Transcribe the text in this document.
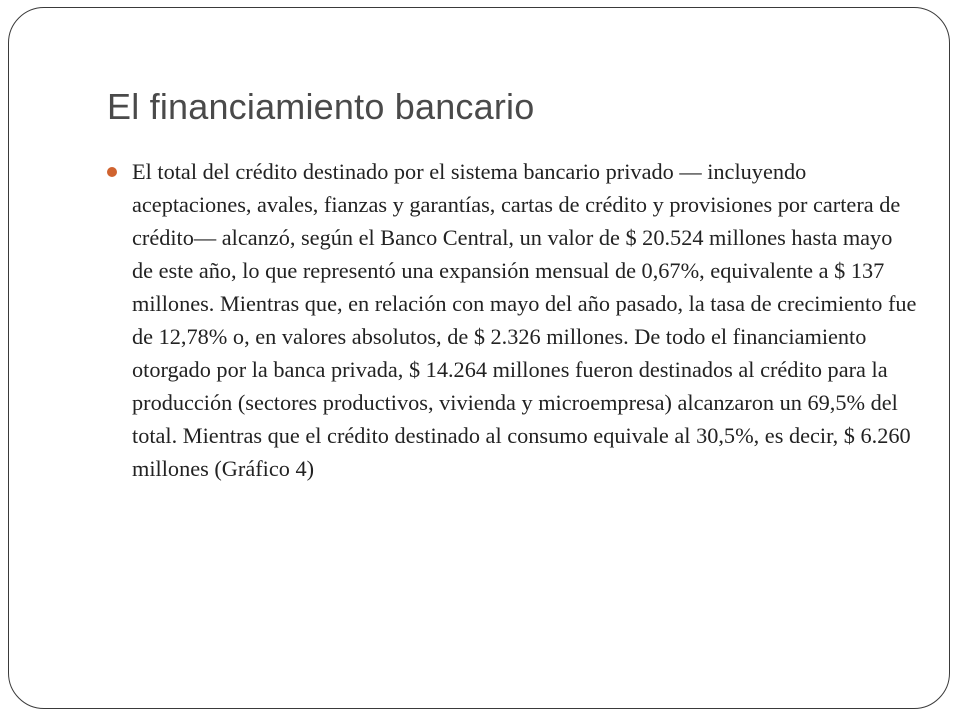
El financiamiento bancario

El total del crédito destinado por el sistema bancario privado — incluyendo aceptaciones, avales, fianzas y garantías, cartas de crédito y provisiones por cartera de crédito— alcanzó, según el Banco Central, un valor de $ 20.524 millones hasta mayo de este año, lo que representó una expansión mensual de 0,67%, equivalente a $ 137 millones. Mientras que, en relación con mayo del año pasado, la tasa de crecimiento fue de 12,78% o, en valores absolutos, de $ 2.326 millones. De todo el financiamiento otorgado por la banca privada, $ 14.264 millones fueron destinados al crédito para la producción (sectores productivos, vivienda y microempresa) alcanzaron un 69,5% del total. Mientras que el crédito destinado al consumo equivale al 30,5%, es decir, $ 6.260 millones (Gráfico 4)
